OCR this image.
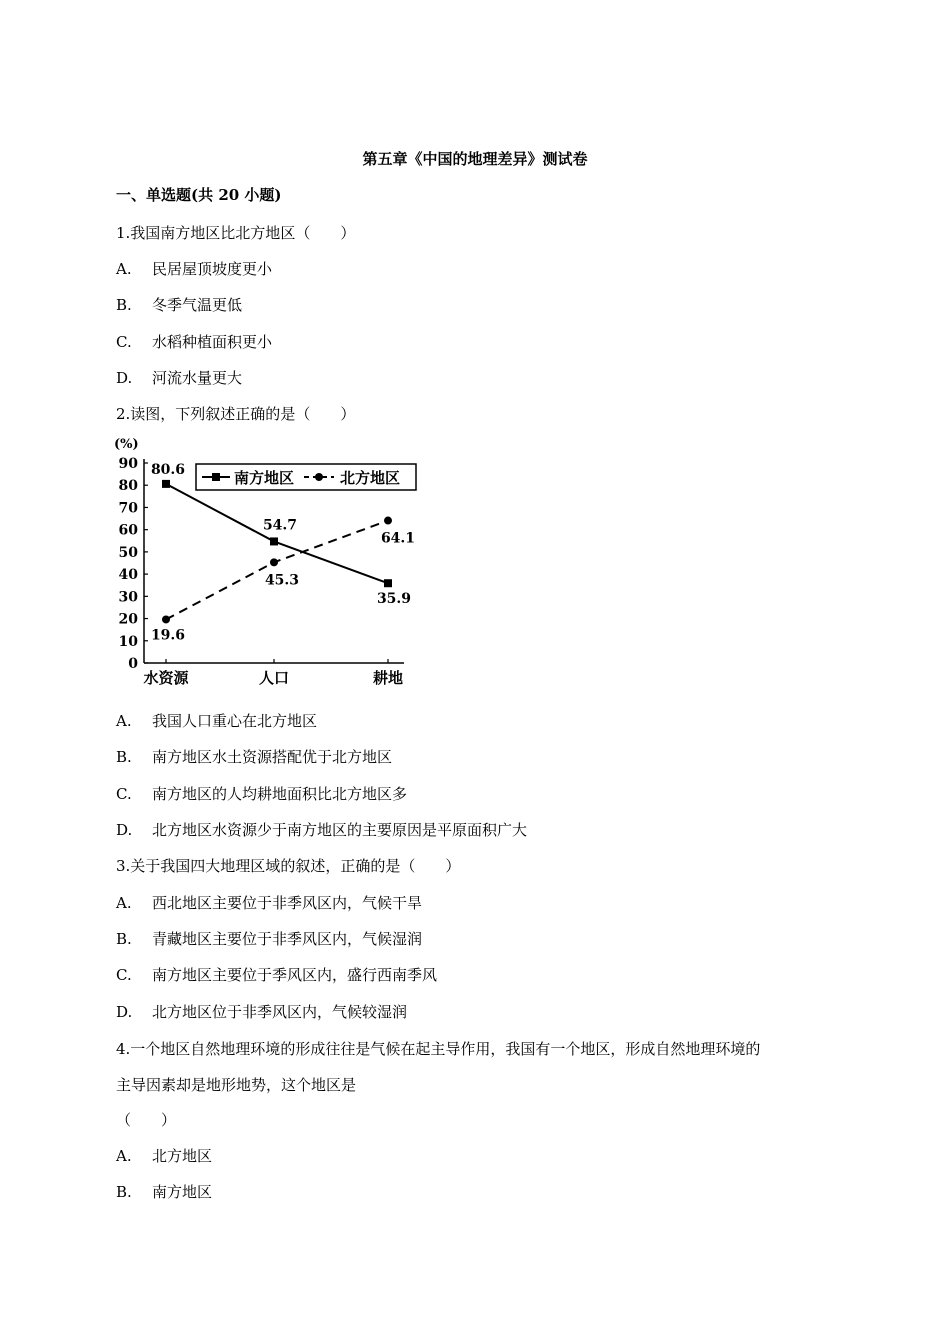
第五章《中国的地理差异》测试卷
一、单选题(共 20 小题)
1.我国南方地区比北方地区（　　）
A. 民居屋顶坡度更小
B. 冬季气温更低
C. 水稻种植面积更小
D. 河流水量更大
2.读图，下列叙述正确的是（　　）
(%)
90
80
70
60
50
40
30
20
10
0
水资源	人口	耕地
80.6
54.7
35.9
19.6
45.3
64.1
南方地区	北方地区
A. 我国人口重心在北方地区
B. 南方地区水土资源搭配优于北方地区
C. 南方地区的人均耕地面积比北方地区多
D. 北方地区水资源少于南方地区的主要原因是平原面积广大
3.关于我国四大地理区域的叙述，正确的是（　　）
A. 西北地区主要位于非季风区内，气候干旱
B. 青藏地区主要位于非季风区内，气候湿润
C. 南方地区主要位于季风区内，盛行西南季风
D. 北方地区位于非季风区内，气候较湿润
4.一个地区自然地理环境的形成往往是气候在起主导作用，我国有一个地区，形成自然地理环境的
主导因素却是地形地势，这个地区是
（　　）
A. 北方地区
B. 南方地区
